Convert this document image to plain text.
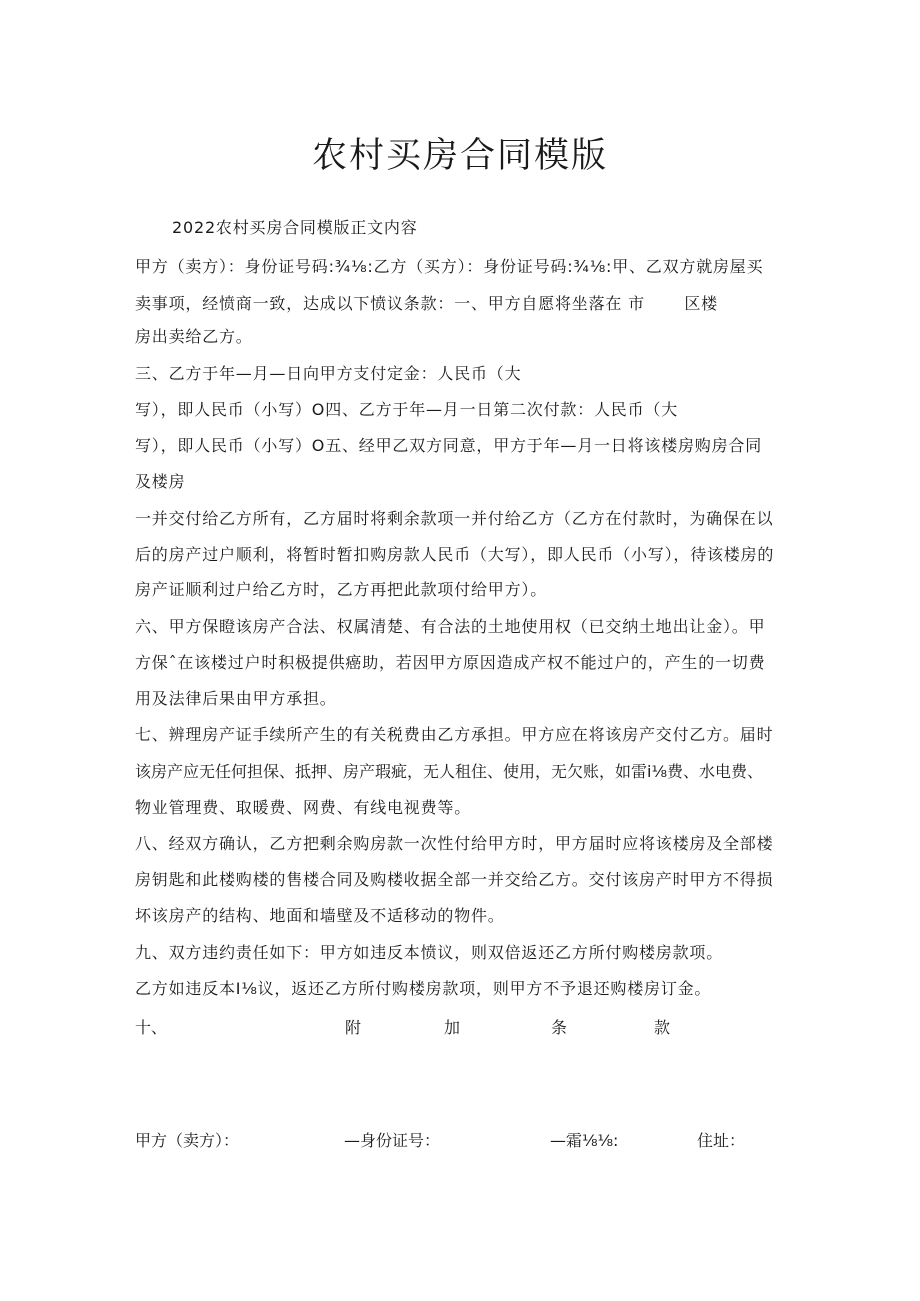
农村买房合同模版
2022农村买房合同模版正文内容
甲方（卖方）：身份证号码:¾⅛:乙方（买方）：身份证号码:¾⅛:甲、乙双方就房屋买
卖事项，经愤商一致，达成以下愤议条款：一、甲方自愿将坐落在 市　　 区楼
房出卖给乙方。
三、乙方于年—月—日向甲方支付定金：人民币（大
写），即人民币（小写）O四、乙方于年—月一日第二次付款：人民币（大
写），即人民币（小写）O五、经甲乙双方同意，甲方于年—月一日将该楼房购房合同
及楼房
一并交付给乙方所有，乙方届时将剩余款项一并付给乙方（乙方在付款时，为确保在以
后的房产过户顺利，将暂时暂扣购房款人民币（大写），即人民币（小写），待该楼房的
房产证顺利过户给乙方时，乙方再把此款项付给甲方）。
六、甲方保瞪该房产合法、权属清楚、有合法的土地使用权（已交纳土地出让金）。甲
方保ˆ在该楼过户时积极提供癌助，若因甲方原因造成产权不能过户的，产生的一切费
用及法律后果由甲方承担。
七、辨理房产证手续所产生的有关税费由乙方承担。甲方应在将该房产交付乙方。届时
该房产应无任何担保、抵押、房产瑕疵，无人租住、使用，无欠账，如雷i⅛费、水电费、
物业管理费、取暖费、网费、有线电视费等。
八、经双方确认，乙方把剩余购房款一次性付给甲方时，甲方届时应将该楼房及全部楼
房钥匙和此楼购楼的售楼合同及购楼收据全部一并交给乙方。交付该房产时甲方不得损
坏该房产的结构、地面和墙壁及不适移动的物件。
九、双方违约责任如下：甲方如违反本愤议，则双倍返还乙方所付购楼房款项。
乙方如违反本I⅛议，返还乙方所付购楼房款项，则甲方不予退还购楼房订金。
十、	附	加	条	款
甲方（卖方）：	—身份证号：	—霜⅛⅛:	住址：
